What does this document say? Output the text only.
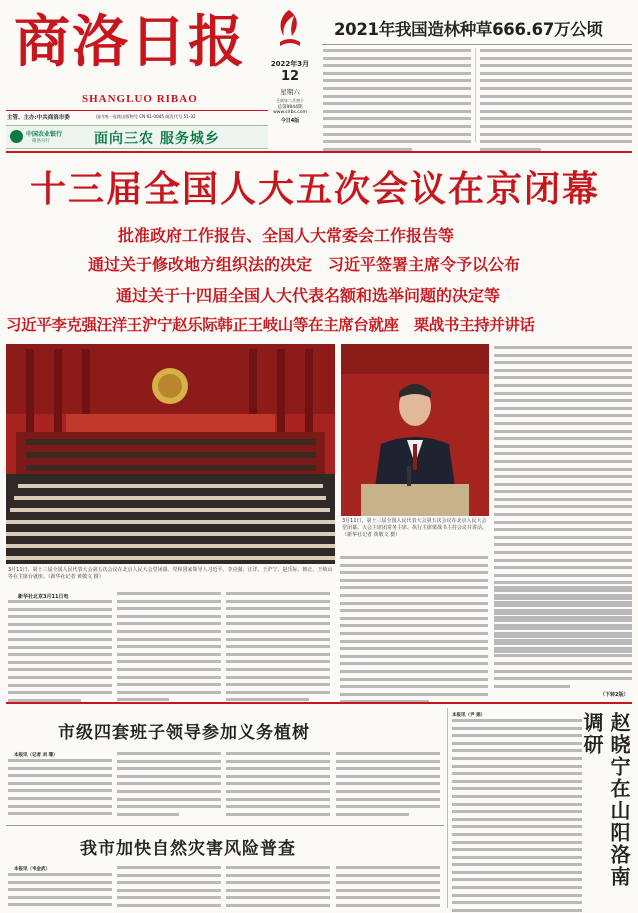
商洛日报
SHANGLUO RIBAO
2022年3月
12
星期六
壬寅年二月初十
总第9844期
www.slrbs.com
今日4版
主管、主办:中共商洛市委	国内统一连续出版物号 CN 61-0045 邮发代号 51-32
中国农业银行
商洛分行	面向三农 服务城乡
2021年我国造林种草666.67万公顷
十三届全国人大五次会议在京闭幕
批准政府工作报告、全国人大常委会工作报告等
通过关于修改地方组织法的决定　习近平签署主席令予以公布
通过关于十四届全国人大代表名额和选举问题的决定等
习近平李克强汪洋王沪宁赵乐际韩正王岐山等在主席台就座　栗战书主持并讲话
3月11日，第十三届全国人民代表大会第五次会议在北京人民大会堂闭幕。党和国家领导人习近平、李克强、汪洋、王沪宁、赵乐际、韩正、王岐山等在主席台就座。（新华社记者 黄敬文 摄）
3月11日，第十三届全国人民代表大会第五次会议在北京人民大会堂闭幕。大会主席团常务主席、执行主席栗战书主持会议并讲话。（新华社记者 黄敬文 摄）
新华社北京3月11日电
（下转2版）
市级四套班子领导参加义务植树
本报讯（记者 刘 珊）
我市加快自然灾害风险普查
本报讯（韦金武）
本报讯（尹 娟）	赵晓宁在山阳洛南调研
